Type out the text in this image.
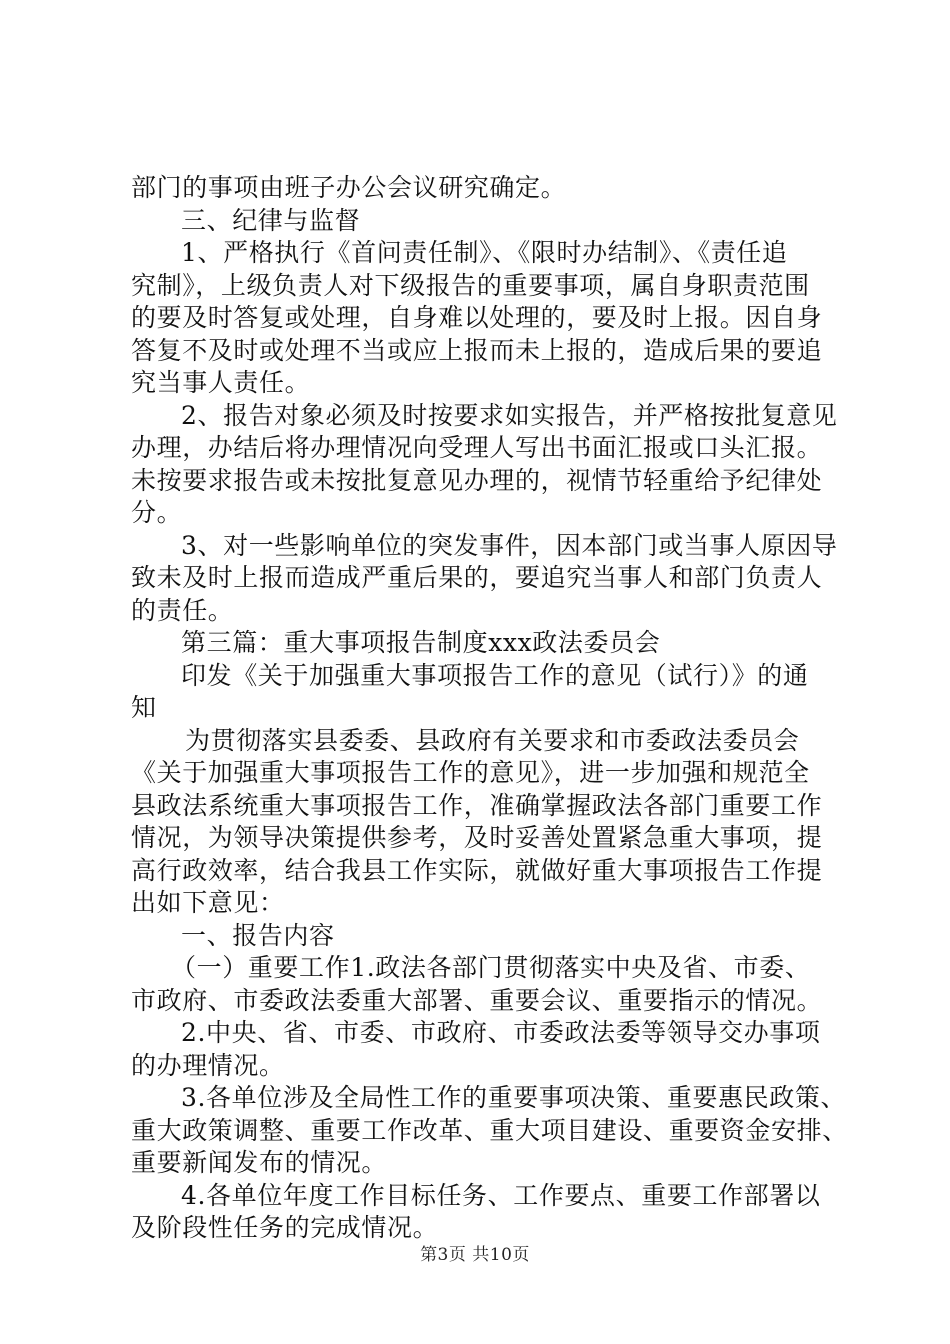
部门的事项由班子办公会议研究确定。
三、纪律与监督
1、严格执行《首问责任制》、《限时办结制》、《责任追
究制》，上级负责人对下级报告的重要事项，属自身职责范围
的要及时答复或处理，自身难以处理的，要及时上报。因自身
答复不及时或处理不当或应上报而未上报的，造成后果的要追
究当事人责任。
2、报告对象必须及时按要求如实报告，并严格按批复意见
办理，办结后将办理情况向受理人写出书面汇报或口头汇报。
未按要求报告或未按批复意见办理的，视情节轻重给予纪律处
分。
3、对一些影响单位的突发事件，因本部门或当事人原因导
致未及时上报而造成严重后果的，要追究当事人和部门负责人
的责任。
第三篇：重大事项报告制度xxx政法委员会
印发《关于加强重大事项报告工作的意见（试行）》的通
知
为贯彻落实县委委、县政府有关要求和市委政法委员会
《关于加强重大事项报告工作的意见》，进一步加强和规范全
县政法系统重大事项报告工作，准确掌握政法各部门重要工作
情况，为领导决策提供参考，及时妥善处置紧急重大事项，提
高行政效率，结合我县工作实际，就做好重大事项报告工作提
出如下意见：
一、报告内容
（一）重要工作1.政法各部门贯彻落实中央及省、市委、
市政府、市委政法委重大部署、重要会议、重要指示的情况。
2.中央、省、市委、市政府、市委政法委等领导交办事项
的办理情况。
3.各单位涉及全局性工作的重要事项决策、重要惠民政策、
重大政策调整、重要工作改革、重大项目建设、重要资金安排、
重要新闻发布的情况。
4.各单位年度工作目标任务、工作要点、重要工作部署以
及阶段性任务的完成情况。
第3页 共10页
